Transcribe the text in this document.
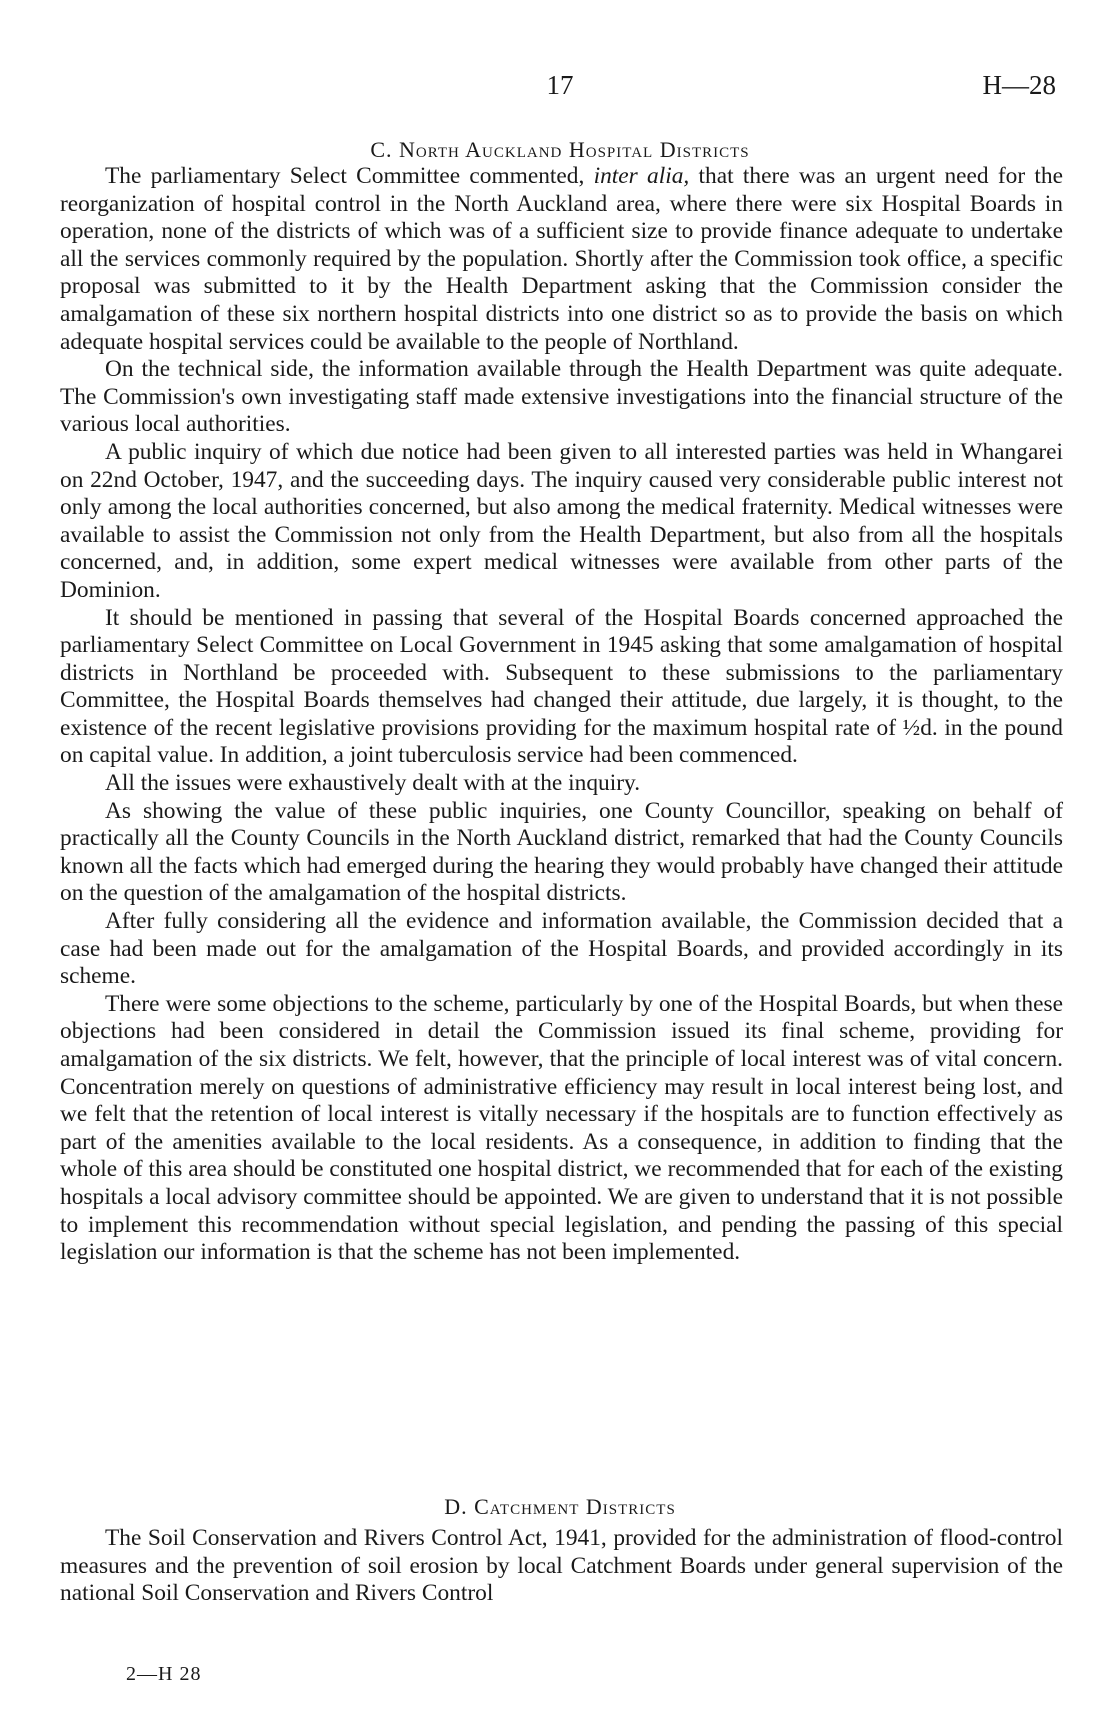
17	H—28
C. North Auckland Hospital Districts

The parliamentary Select Committee commented, inter alia, that there was an urgent need for the reorganization of hospital control in the North Auckland area, where there were six Hospital Boards in operation, none of the districts of which was of a sufficient size to provide finance adequate to undertake all the services commonly required by the population. Shortly after the Commission took office, a specific proposal was submitted to it by the Health Department asking that the Commission consider the amalgamation of these six northern hospital districts into one district so as to provide the basis on which adequate hospital services could be available to the people of Northland.

On the technical side, the information available through the Health Department was quite adequate. The Commission's own investigating staff made extensive investigations into the financial structure of the various local authorities.

A public inquiry of which due notice had been given to all interested parties was held in Whangarei on 22nd October, 1947, and the succeeding days. The inquiry caused very considerable public interest not only among the local authorities concerned, but also among the medical fraternity. Medical witnesses were available to assist the Commission not only from the Health Department, but also from all the hospitals concerned, and, in addition, some expert medical witnesses were available from other parts of the Dominion.

It should be mentioned in passing that several of the Hospital Boards concerned approached the parliamentary Select Committee on Local Government in 1945 asking that some amalgamation of hospital districts in Northland be proceeded with. Subsequent to these submissions to the parliamentary Committee, the Hospital Boards themselves had changed their attitude, due largely, it is thought, to the existence of the recent legislative provisions providing for the maximum hospital rate of ½d. in the pound on capital value. In addition, a joint tuberculosis service had been commenced.

All the issues were exhaustively dealt with at the inquiry.

As showing the value of these public inquiries, one County Councillor, speaking on behalf of practically all the County Councils in the North Auckland district, remarked that had the County Councils known all the facts which had emerged during the hearing they would probably have changed their attitude on the question of the amalgamation of the hospital districts.

After fully considering all the evidence and information available, the Commission decided that a case had been made out for the amalgamation of the Hospital Boards, and provided accordingly in its scheme.

There were some objections to the scheme, particularly by one of the Hospital Boards, but when these objections had been considered in detail the Commission issued its final scheme, providing for amalgamation of the six districts. We felt, however, that the principle of local interest was of vital concern. Concentration merely on questions of administrative efficiency may result in local interest being lost, and we felt that the retention of local interest is vitally necessary if the hospitals are to function effectively as part of the amenities available to the local residents. As a consequence, in addition to finding that the whole of this area should be constituted one hospital district, we recommended that for each of the existing hospitals a local advisory committee should be appointed. We are given to understand that it is not possible to implement this recommendation without special legislation, and pending the passing of this special legislation our information is that the scheme has not been implemented.

D. Catchment Districts

The Soil Conservation and Rivers Control Act, 1941, provided for the administration of flood-control measures and the prevention of soil erosion by local Catchment Boards under general supervision of the national Soil Conservation and Rivers Control

2—H 28
